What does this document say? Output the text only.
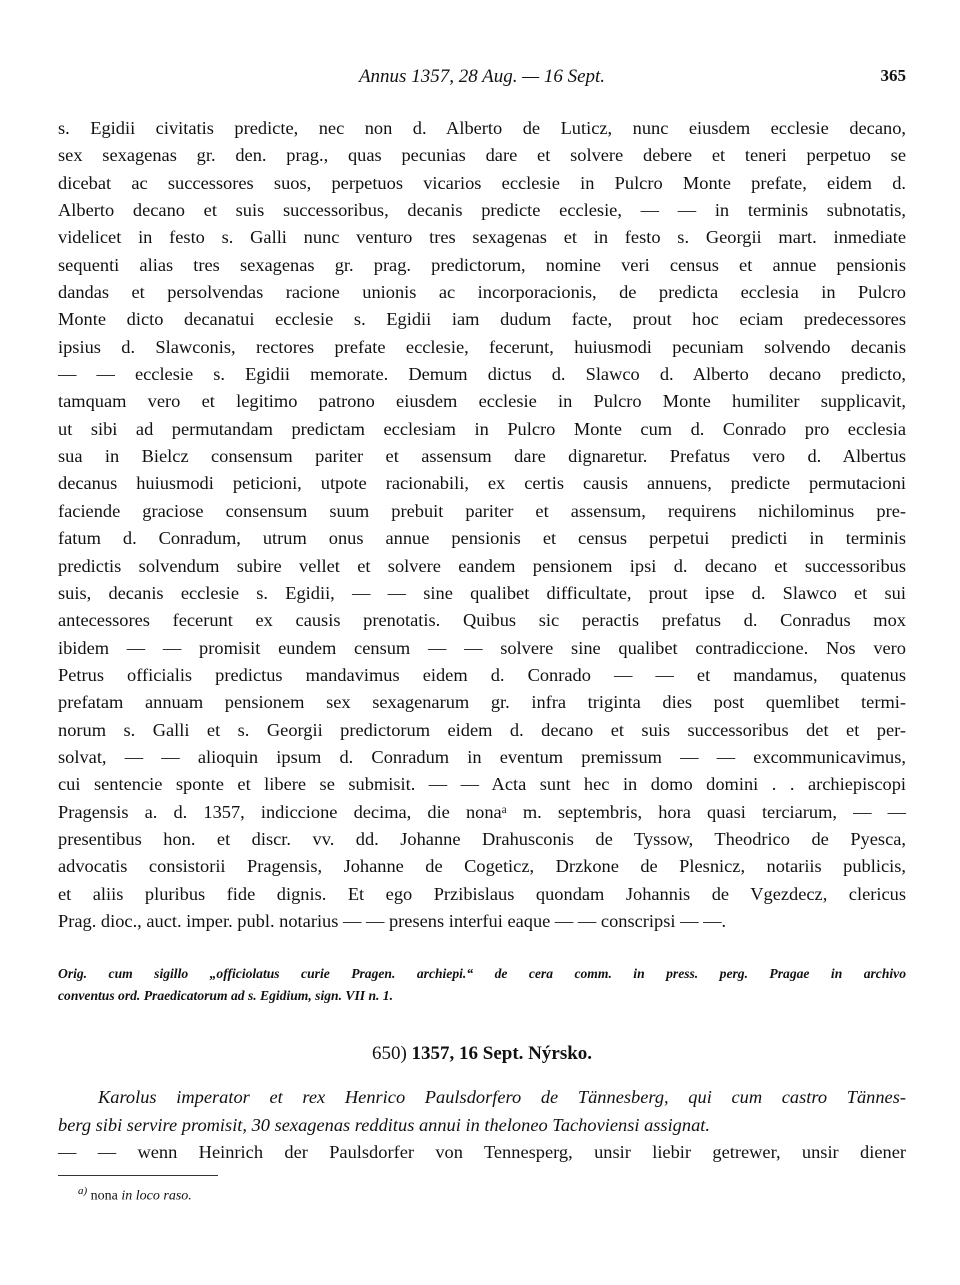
Annus 1357, 28 Aug. — 16 Sept.	365
s. Egidii civitatis predicte, nec non d. Alberto de Luticz, nunc eiusdem ecclesie decano,
sex sexagenas gr. den. prag., quas pecunias dare et solvere debere et teneri perpetuo se
dicebat ac successores suos, perpetuos vicarios ecclesie in Pulcro Monte prefate, eidem d.
Alberto decano et suis successoribus, decanis predicte ecclesie, — — in terminis subnotatis,
videlicet in festo s. Galli nunc venturo tres sexagenas et in festo s. Georgii mart. inmediate
sequenti alias tres sexagenas gr. prag. predictorum, nomine veri census et annue pensionis
dandas et persolvendas racione unionis ac incorporacionis, de predicta ecclesia in Pulcro
Monte dicto decanatui ecclesie s. Egidii iam dudum facte, prout hoc eciam predecessores
ipsius d. Slawconis, rectores prefate ecclesie, fecerunt, huiusmodi pecuniam solvendo decanis
— — ecclesie s. Egidii memorate. Demum dictus d. Slawco d. Alberto decano predicto,
tamquam vero et legitimo patrono eiusdem ecclesie in Pulcro Monte humiliter supplicavit,
ut sibi ad permutandam predictam ecclesiam in Pulcro Monte cum d. Conrado pro ecclesia
sua in Bielcz consensum pariter et assensum dare dignaretur. Prefatus vero d. Albertus
decanus huiusmodi peticioni, utpote racionabili, ex certis causis annuens, predicte permutacioni
faciende graciose consensum suum prebuit pariter et assensum, requirens nichilominus pre-
fatum d. Conradum, utrum onus annue pensionis et census perpetui predicti in terminis
predictis solvendum subire vellet et solvere eandem pensionem ipsi d. decano et successoribus
suis, decanis ecclesie s. Egidii, — — sine qualibet difficultate, prout ipse d. Slawco et sui
antecessores fecerunt ex causis prenotatis. Quibus sic peractis prefatus d. Conradus mox
ibidem — — promisit eundem censum — — solvere sine qualibet contradiccione. Nos vero
Petrus officialis predictus mandavimus eidem d. Conrado — — et mandamus, quatenus
prefatam annuam pensionem sex sexagenarum gr. infra triginta dies post quemlibet termi-
norum s. Galli et s. Georgii predictorum eidem d. decano et suis successoribus det et per-
solvat, — — alioquin ipsum d. Conradum in eventum premissum — — excommunicavimus,
cui sentencie sponte et libere se submisit. — — Acta sunt hec in domo domini . . archiepiscopi
Pragensis a. d. 1357, indiccione decima, die nonaᵃ m. septembris, hora quasi terciarum, — —
presentibus hon. et discr. vv. dd. Johanne Drahusconis de Tyssow, Theodrico de Pyesca,
advocatis consistorii Pragensis, Johanne de Cogeticz, Drzkone de Plesnicz, notariis publicis,
et aliis pluribus fide dignis. Et ego Przibislaus quondam Johannis de Vgezdecz, clericus
Prag. dioc., auct. imper. publ. notarius — — presens interfui eaque — — conscripsi — —.
Orig. cum sigillo „officiolatus curie Pragen. archiepi.“ de cera comm. in press. perg. Pragae in archivo
conventus ord. Praedicatorum ad s. Egidium, sign. VII n. 1.
650) 1357, 16 Sept. Nýrsko.
Karolus imperator et rex Henrico Paulsdorfero de Tännesberg, qui cum castro Tännes-
berg sibi servire promisit, 30 sexagenas redditus annui in theloneo Tachoviensi assignat.
— — wenn Heinrich der Paulsdorfer von Tennesperg, unsir liebir getrewer, unsir diener
$^{a)}$ nona in loco raso.
